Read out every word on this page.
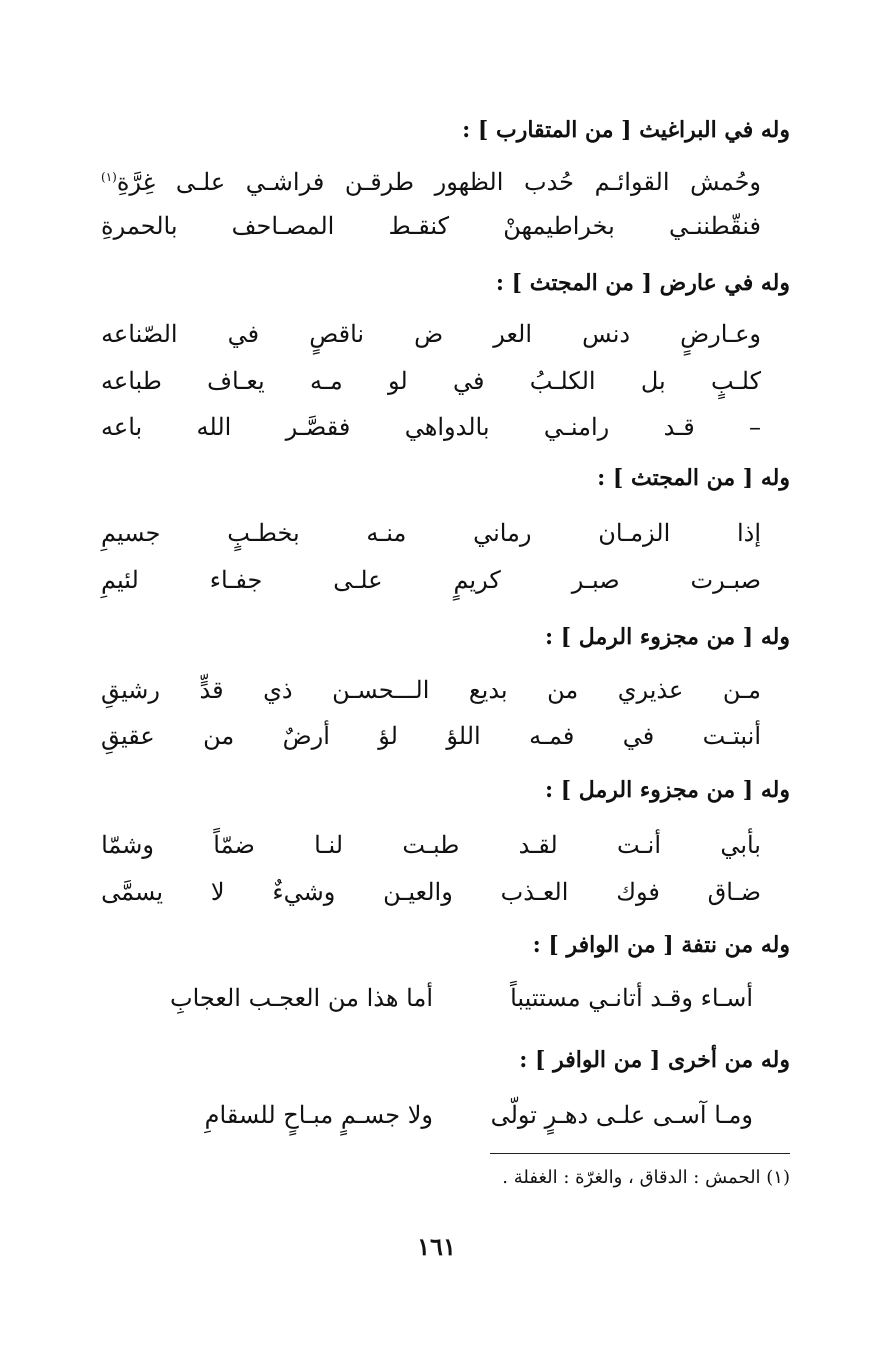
وله في البراغيث [ من المتقارب ] :
وحُمش
القوائـم
حُدب
الظهور
طرقـن
فراشـي
علـى
غِرَّةِ$^{(١)}$
فنقّطننـي
بخراطيمهنْ
كنقـط
المصـاحف
بالحمرةِ
وله في عارض [ من المجتث ] :
وعـارضٍ
دنس
العر
ض
ناقصٍ
في
الصّناعه
كلـبٍ
بل
الكلـبُ
في
لو
مـه
يعـاف
طباعه
–
قـد
رامنـي
بالدواهي
فقصَّـر
الله
باعه
وله [ من المجتث ] :
إذا
الزمـان
رماني
منـه
بخطـبٍ
جسيمِ
صبـرت
صبـر
كريمٍ
علـى
جفـاء
لئيمِ
وله [ من مجزوء الرمل ] :
مـن
عذيري
من
بديع
الـــحسـن
ذي
قدٍّ
رشيقِ
أنبتـت
في
فمـه
اللؤ
لؤ
أرضٌ
من
عقيقِ
وله [ من مجزوء الرمل ] :
بأبي
أنـت
لقـد
طبـت
لنـا
ضمّاً
وشمّا
ضـاق
فوك
العـذب
والعيـن
وشيءٌ
لا
يسمَّى
وله من نتفة [ من الوافر ] :
أسـاء وقـد أتانـي مستتيباً
أما هذا من العجـب العجابِ
وله من أخرى [ من الوافر ] :
ومـا آسـى علـى دهـرٍ تولّى
ولا جسـمٍ مبـاحٍ للسقامِ
(١) الحمش : الدقاق ، والغرّة : الغفلة .
١٦١
